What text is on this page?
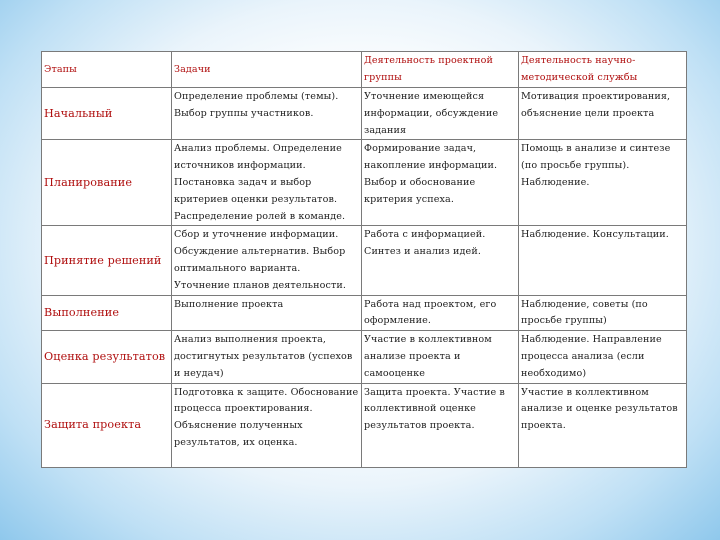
Этапы	Задачи	Деятельность проектной группы	Деятельность научно-методической службы
Начальный	Определение проблемы (темы). Выбор группы участников.	Уточнение имеющейся информации, обсуждение задания	Мотивация проектирования, объяснение цели проекта
Планирование	Анализ проблемы. Определение источников информации. Постановка задач и выбор критериев оценки результатов. Распределение ролей в команде.	Формирование задач, накопление информации. Выбор и обоснование критерия успеха.	Помощь в анализе и синтезе (по просьбе группы). Наблюдение.
Принятие решений	Сбор и уточнение информации. Обсуждение альтернатив. Выбор оптимального варианта. Уточнение планов деятельности.	Работа с информацией. Синтез и анализ идей.	Наблюдение. Консультации.
Выполнение	Выполнение проекта	Работа над проектом, его оформление.	Наблюдение, советы (по просьбе группы)
Оценка результатов	Анализ выполнения проекта, достигнутых результатов (успехов и неудач)	Участие в коллективном анализе проекта и самооценке	Наблюдение. Направление процесса анализа (если необходимо)
Защита проекта	Подготовка к защите. Обоснование процесса проектирования. Объяснение полученных результатов, их оценка.	Защита проекта. Участие в коллективной оценке результатов проекта.	Участие в коллективном анализе и оценке результатов проекта.
